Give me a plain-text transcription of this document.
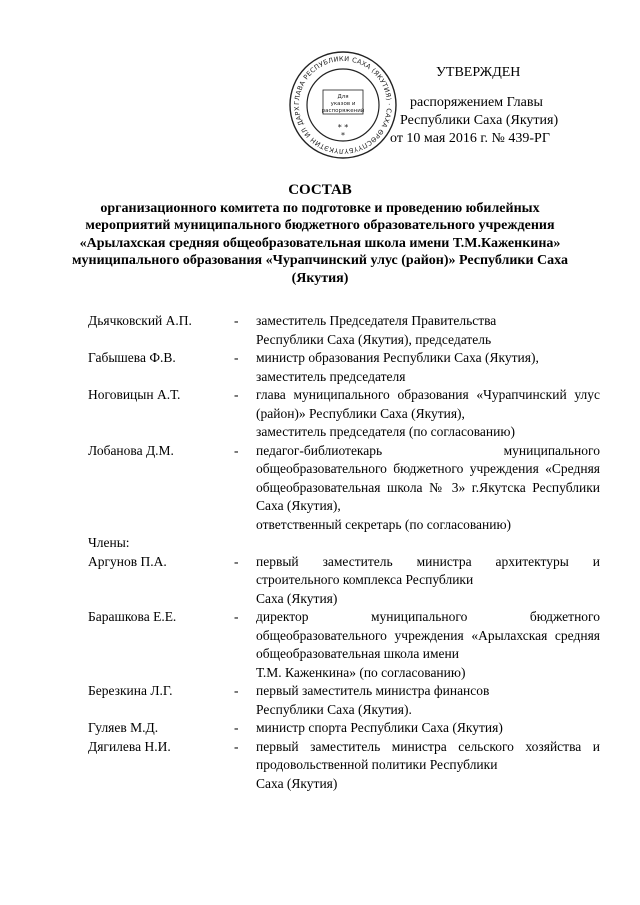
ГЛАВА РЕСПУБЛИКИ САХА (ЯКУТИЯ) · САХА ӨРӨСПҮҮБҮЛҮКЭТИН ИЛ ДАРХ
Для
указов и
распоряжений
* *
*
УТВЕРЖДЕН
распоряжением Главы
Республики Саха (Якутия)
от 10 мая 2016 г. № 439-РГ
СОСТАВ
организационного комитета по подготовке и проведению юбилейных мероприятий муниципального бюджетного образовательного учреждения «Арылахская средняя общеобразовательная школа имени Т.М.Каженкина» муниципального образования «Чурапчинский улус (район)» Республики Саха (Якутия)
Дьячковский А.П.	-	заместитель Председателя Правительства
Республики Саха (Якутия), председатель
Габышева Ф.В.	-	министр образования Республики Саха (Якутия),
заместитель председателя
Ноговицын А.Т.	-	глава муниципального образования «Чурапчинский улус (район)» Республики Саха (Якутия),
заместитель председателя (по согласованию)
Лобанова Д.М.	-	педагог-библиотекарь муниципального общеобразовательного бюджетного учреждения «Средняя общеобразовательная школа № 3» г.Якутска Республики Саха (Якутия),
ответственный секретарь (по согласованию)
Члены:
Аргунов П.А.	-	первый заместитель министра архитектуры и строительного комплекса Республики
Саха (Якутия)
Барашкова Е.Е.	-	директор муниципального бюджетного общеобразовательного учреждения «Арылахская средняя общеобразовательная школа имени
Т.М. Каженкина» (по согласованию)
Березкина Л.Г.	-	первый заместитель министра финансов
Республики Саха (Якутия).
Гуляев М.Д.	-	министр спорта Республики Саха (Якутия)
Дягилева Н.И.	-	первый заместитель министра сельского хозяйства и продовольственной политики Республики
Саха (Якутия)
